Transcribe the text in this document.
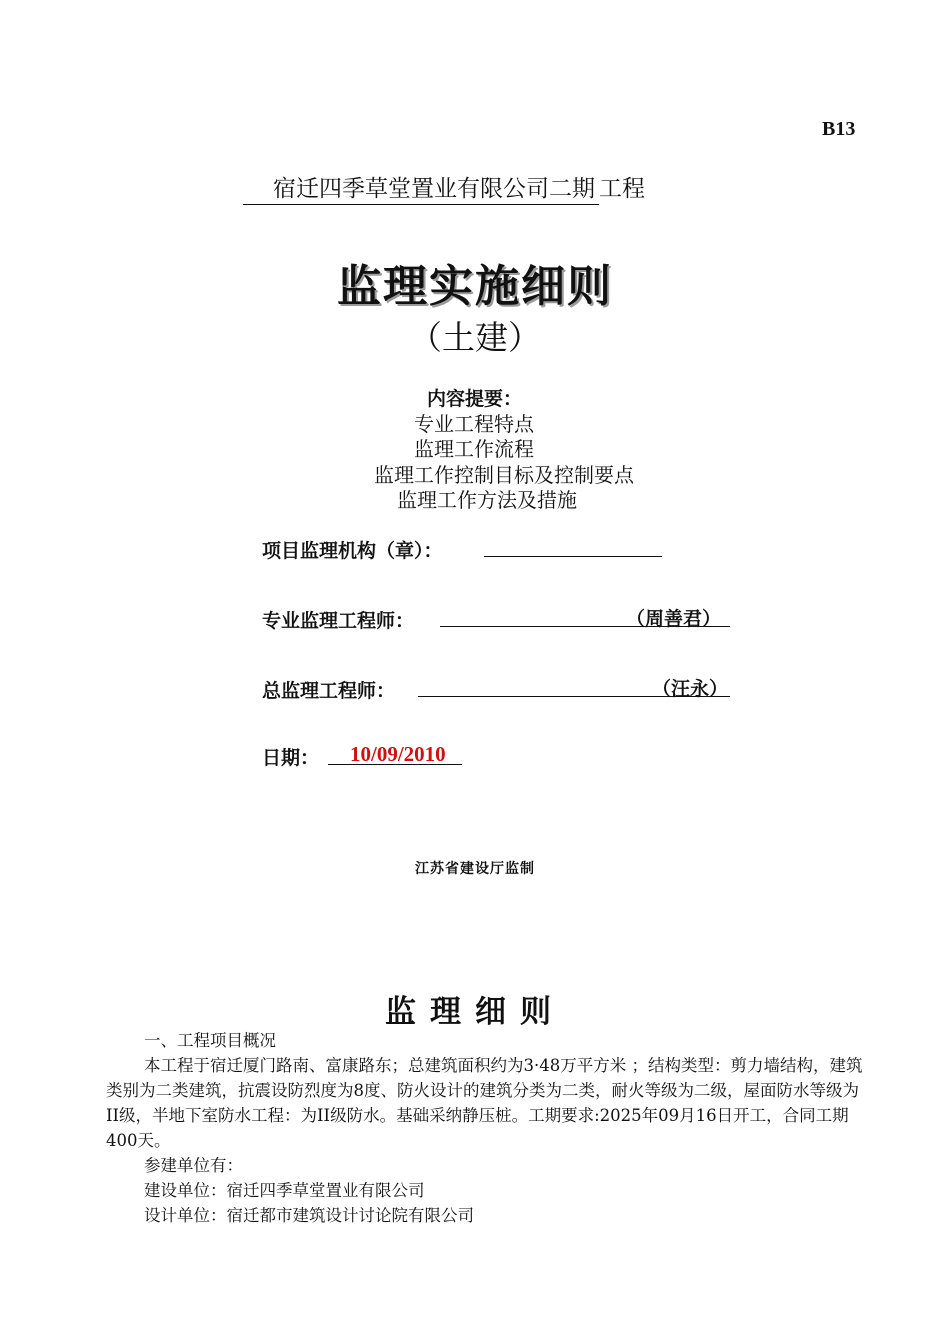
B13
宿迁四季草堂置业有限公司二期 工程
监理实施细则
（土建）
内容提要：
专业工程特点
监理工作流程
监理工作控制目标及控制要点
监理工作方法及措施
项目监理机构（章）：
专业监理工程师：	（周善君）
总监理工程师：	（汪永）
日期： 10/09/2010
江苏省建设厅监制
监理细则

一、工程项目概况

本工程于宿迁厦门路南、富康路东；总建筑面积约为3·48万平方米 ；结构类型：剪力墙结构，建筑类别为二类建筑，抗震设防烈度为8度、防火设计的建筑分类为二类，耐火等级为二级，屋面防水等级为II级，半地下室防水工程：为II级防水。基础采纳静压桩。工期要求:2025年09月16日开工，合同工期400天。

参建单位有：

建设单位：宿迁四季草堂置业有限公司

设计单位：宿迁都市建筑设计讨论院有限公司
